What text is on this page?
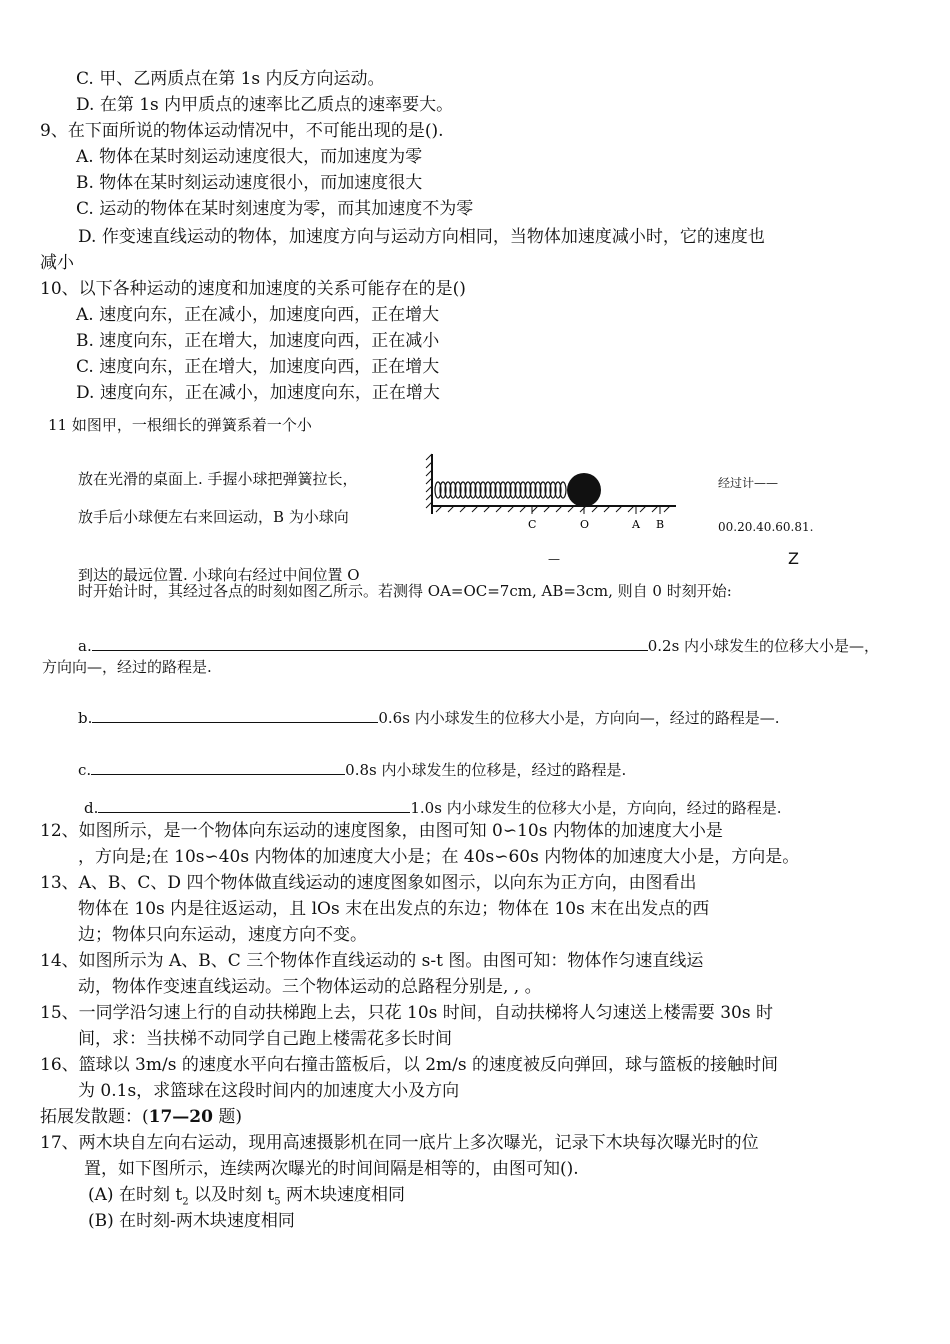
C. 甲、乙两质点在第 1s 内反方向运动。
D. 在第 1s 内甲质点的速率比乙质点的速率要大。
9、在下面所说的物体运动情况中，不可能出现的是().
A. 物体在某时刻运动速度很大，而加速度为零
B. 物体在某时刻运动速度很小，而加速度很大
C. 运动的物体在某时刻速度为零，而其加速度不为零
D. 作变速直线运动的物体，加速度方向与运动方向相同，当物体加速度减小时，它的速度也
减小
10、以下各种运动的速度和加速度的关系可能存在的是()
A. 速度向东，正在减小，加速度向西，正在增大
B. 速度向东，正在增大，加速度向西，正在减小
C. 速度向东，正在增大，加速度向西，正在增大
D. 速度向东，正在减小，加速度向东，正在增大
11 如图甲，一根细长的弹簧系着一个小
放在光滑的桌面上. 手握小球把弹簧拉长，
放手后小球便左右来回运动，B 为小球向
到达的最远位置. 小球向右经过中间位置 O
经过计——
00.20.40.60.81.
—	Z
C	O	A B
时开始计时，其经过各点的时刻如图乙所示。若测得 OA=OC=7cm, AB=3cm, 则自 0 时刻开始:
a.	0.2s 内小球发生的位移大小是—，
方向向—，经过的路程是.
b.	0.6s 内小球发生的位移大小是，方向向—，经过的路程是—.
c.	0.8s 内小球发生的位移是，经过的路程是.
d.	1.0s 内小球发生的位移大小是，方向向，经过的路程是.
12、如图所示，是一个物体向东运动的速度图象，由图可知 0∽10s 内物体的加速度大小是
，方向是;在 10s∽40s 内物体的加速度大小是；在 40s∽60s 内物体的加速度大小是，方向是。
13、A、B、C、D 四个物体做直线运动的速度图象如图示，以向东为正方向，由图看出
物体在 10s 内是往返运动，且 lOs 末在出发点的东边；物体在 10s 末在出发点的西
边；物体只向东运动，速度方向不变。
14、如图所示为 A、B、C 三个物体作直线运动的 s-t 图。由图可知：物体作匀速直线运
动，物体作变速直线运动。三个物体运动的总路程分别是, , 。
15、一同学沿匀速上行的自动扶梯跑上去，只花 10s 时间，自动扶梯将人匀速送上楼需要 30s 时
间，求：当扶梯不动同学自己跑上楼需花多长时间
16、篮球以 3m/s 的速度水平向右撞击篮板后，以 2m/s 的速度被反向弹回，球与篮板的接触时间
为 0.1s，求篮球在这段时间内的加速度大小及方向
拓展发散题：(17—20 题)
17、两木块自左向右运动，现用高速摄影机在同一底片上多次曝光，记录下木块每次曝光时的位
置，如下图所示，连续两次曝光的时间间隔是相等的，由图可知().
(A) 在时刻 $t_2$ 以及时刻 $t_5$ 两木块速度相同
(B) 在时刻-两木块速度相同
